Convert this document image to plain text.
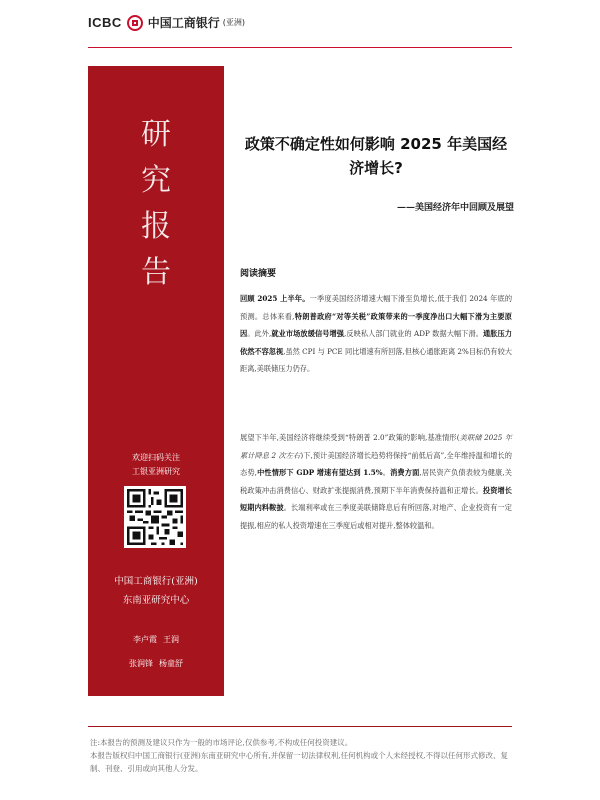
ICBC 中国工商银行 (亚洲)
研
究
报
告
欢迎扫码关注
工银亚洲研究
中国工商银行(亚洲)
东南亚研究中心
李卢霞 王润
张润锋 杨童舒
政策不确定性如何影响 2025 年美国经济增长?
——美国经济年中回顾及展望
阅读摘要
回顾 2025 上半年。一季度美国经济增速大幅下滑至负增长,低于我们 2024 年底的预测。总体来看,特朗普政府“对等关税”政策带来的一季度净出口大幅下滑为主要原因。此外,就业市场放缓信号增强,反映私人部门就业的 ADP 数据大幅下滑。通胀压力依然不容忽视,虽然 CPI 与 PCE 同比增速有所回落,但核心通胀距离 2%目标仍有较大距离,美联储压力仍存。
展望下半年,美国经济将继续受到“特朗普 2.0”政策的影响,基准情形(美联储 2025 年累计降息 2 次左右)下,预计美国经济增长趋势将保持“前低后高”,全年维持温和增长的态势,中性情形下 GDP 增速有望达到 1.5%。消费方面,居民资产负债表较为健康,关税政策冲击消费信心、财政扩张提振消费,预期下半年消费保持温和正增长。投资增长短期内料鞍披。长端利率或在三季度美联储降息后有所回落,对地产、企业投资有一定提振,相应的私人投资增速在三季度后或相对提升,整体较温和。
注:本报告的预测及建议只作为一般的市场评论,仅供参考,不构成任何投资建议。
本报告版权归中国工商银行(亚洲)东南亚研究中心所有,并保留一切法律权利,任何机构或个人未经授权,不得以任何形式修改、复制、刊登、引用或向其他人分发。
